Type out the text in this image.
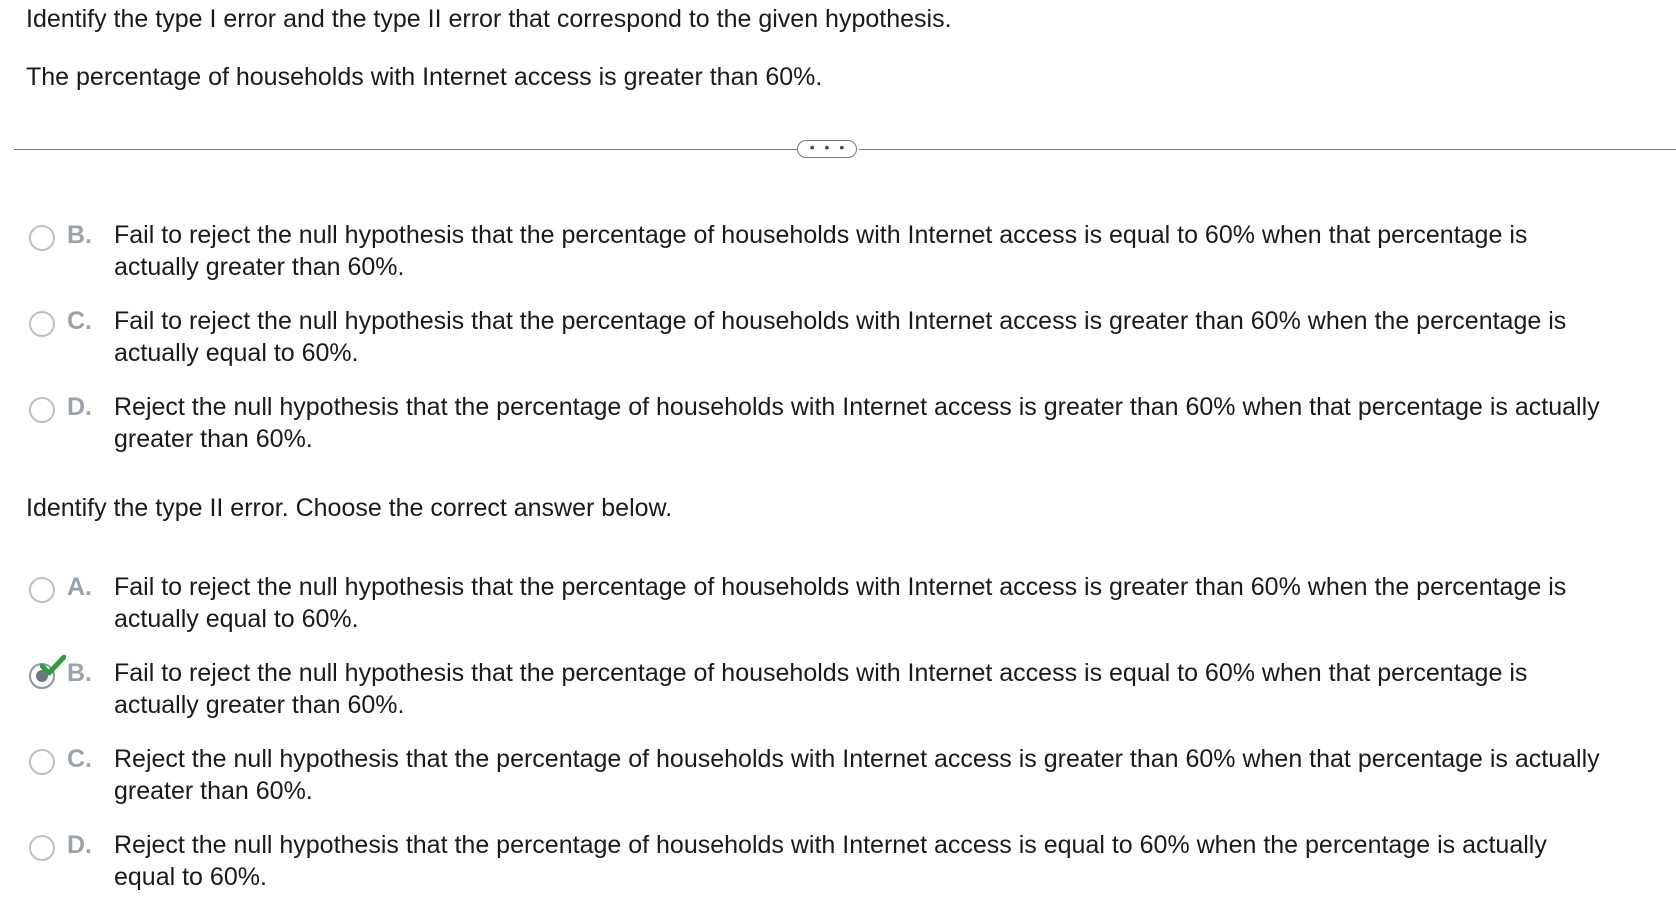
Identify the type I error and the type II error that correspond to the given hypothesis.
The percentage of households with Internet access is greater than 60%.
• • •
B. Fail to reject the null hypothesis that the percentage of households with Internet access is equal to 60% when that percentage is
actually greater than 60%.
C. Fail to reject the null hypothesis that the percentage of households with Internet access is greater than 60% when the percentage is
actually equal to 60%.
D. Reject the null hypothesis that the percentage of households with Internet access is greater than 60% when that percentage is actually
greater than 60%.
Identify the type II error. Choose the correct answer below.
A. Fail to reject the null hypothesis that the percentage of households with Internet access is greater than 60% when the percentage is
actually equal to 60%.
B. Fail to reject the null hypothesis that the percentage of households with Internet access is equal to 60% when that percentage is
actually greater than 60%.
C. Reject the null hypothesis that the percentage of households with Internet access is greater than 60% when that percentage is actually
greater than 60%.
D. Reject the null hypothesis that the percentage of households with Internet access is equal to 60% when the percentage is actually
equal to 60%.
